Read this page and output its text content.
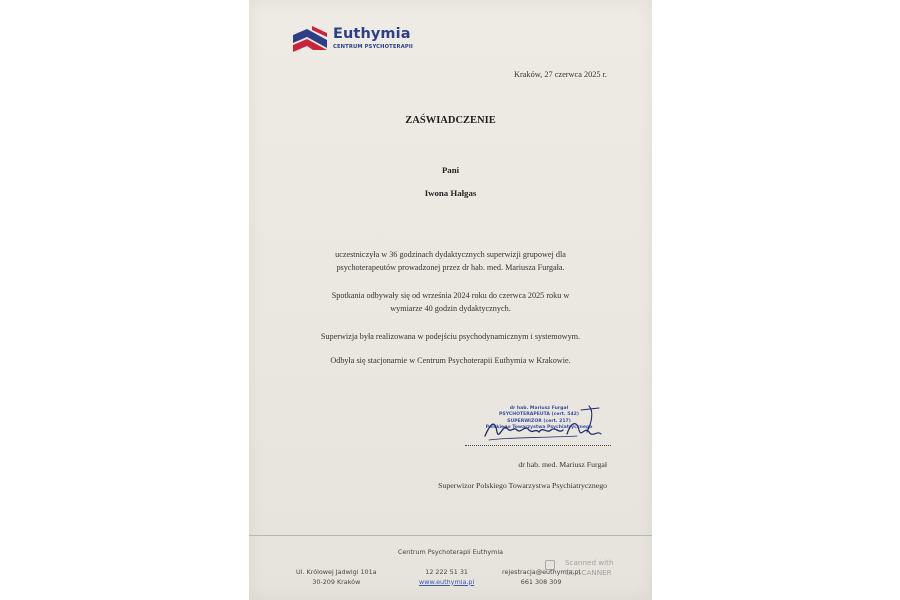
Euthymia
CENTRUM PSYCHOTERAPII
Kraków, 27 czerwca 2025 r.
ZAŚWIADCZENIE
Pani
Iwona Hałgas
uczestniczyła w 36 godzinach dydaktycznych superwizji grupowej dla
psychoterapeutów prowadzonej przez dr hab. med. Mariusza Furgała.
Spotkania odbywały się od września 2024 roku do czerwca 2025 roku w
wymiarze 40 godzin dydaktycznych.
Superwizja była realizowana w podejściu psychodynamicznym i systemowym.
Odbyła się stacjonarnie w Centrum Psychoterapii Euthymia w Krakowie.
dr hab. Mariusz Furgał
PSYCHOTERAPEUTA (cert. 542)
SUPERWIZOR (cert. 217)
Polskiego Towarzystwa Psychiatrycznego
dr hab. med. Mariusz Furgał
Superwizor Polskiego Towarzystwa Psychiatrycznego
Centrum Psychoterapii Euthymia
Ul. Królowej Jadwigi 101a
30-209 Kraków
12 222 51 31
www.euthymia.pl
rejestracja@euthymia.pl
661 308 309
Scanned with
CS SCANNER
